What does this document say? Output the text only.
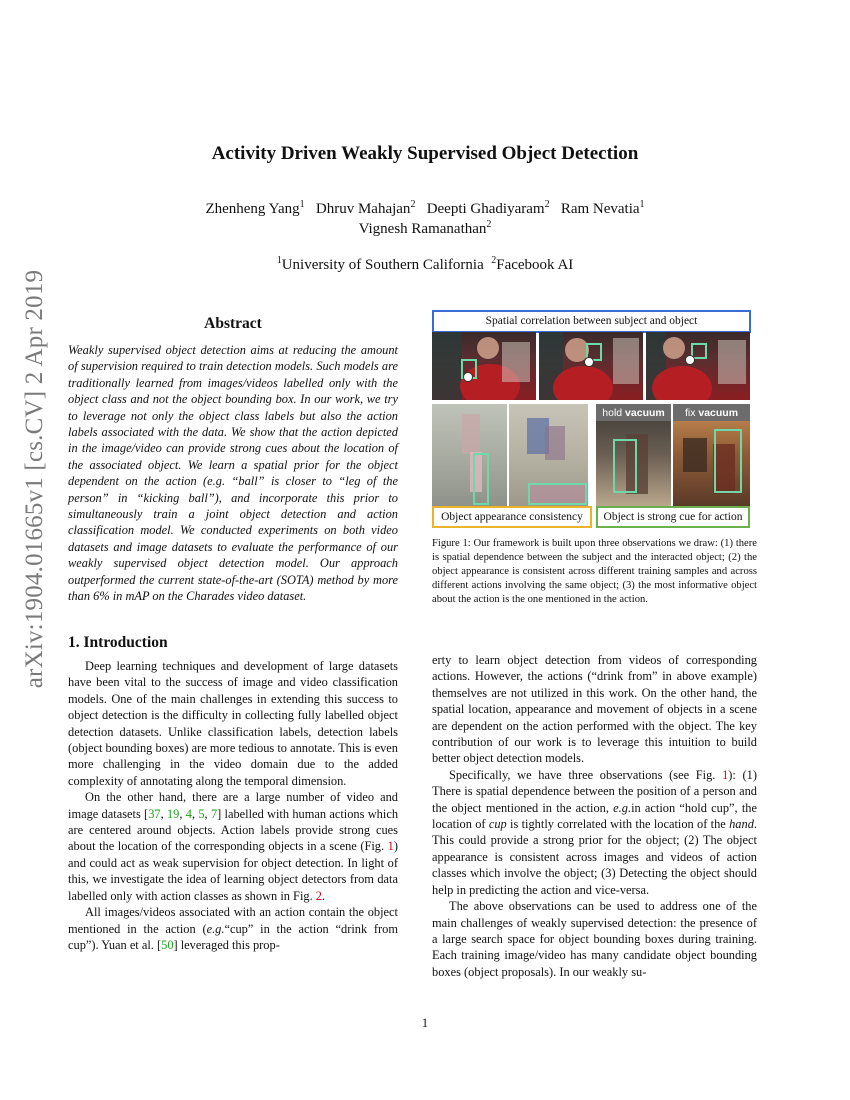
arXiv:1904.01665v1 [cs.CV] 2 Apr 2019
Activity Driven Weakly Supervised Object Detection
Zhenheng Yang$^1$ Dhruv Mahajan$^2$ Deepti Ghadiyaram$^2$ Ram Nevatia$^1$
Vignesh Ramanathan$^2$
$^1$University of Southern California $^2$Facebook AI
Abstract

Weakly supervised object detection aims at reducing the amount of supervision required to train detection models. Such models are traditionally learned from images/videos labelled only with the object class and not the object bounding box. In our work, we try to leverage not only the object class labels but also the action labels associated with the data. We show that the action depicted in the image/video can provide strong cues about the location of the associated object. We learn a spatial prior for the object dependent on the action (e.g. “ball” is closer to “leg of the person” in “kicking ball”), and incorporate this prior to simultaneously train a joint object detection and action classification model. We conducted experiments on both video datasets and image datasets to evaluate the performance of our weakly supervised object detection model. Our approach outperformed the current state-of-the-art (SOTA) method by more than 6% in mAP on the Charades video dataset.

1. Introduction

Deep learning techniques and development of large datasets have been vital to the success of image and video classification models. One of the main challenges in extending this success to object detection is the difficulty in collecting fully labelled object detection datasets. Unlike classification labels, detection labels (object bounding boxes) are more tedious to annotate. This is even more challenging in the video domain due to the added complexity of annotating along the temporal dimension.

On the other hand, there are a large number of video and image datasets [37, 19, 4, 5, 7] labelled with human actions which are centered around objects. Action labels provide strong cues about the location of the corresponding objects in a scene (Fig. 1) and could act as weak supervision for object detection. In light of this, we investigate the idea of learning object detectors from data labelled only with action classes as shown in Fig. 2.

All images/videos associated with an action contain the object mentioned in the action (e.g.“cup” in the action “drink from cup”). Yuan et al. [50] leveraged this prop-

erty to learn object detection from videos of corresponding actions. However, the actions (“drink from” in above example) themselves are not utilized in this work. On the other hand, the spatial location, appearance and movement of objects in a scene are dependent on the action performed with the object. The key contribution of our work is to leverage this intuition to build better object detection models.

Specifically, we have three observations (see Fig. 1): (1) There is spatial dependence between the position of a person and the object mentioned in the action, e.g.in action “hold cup”, the location of cup is tightly correlated with the location of the hand. This could provide a strong prior for the object; (2) The object appearance is consistent across images and videos of action classes which involve the object; (3) Detecting the object should help in predicting the action and vice-versa.

The above observations can be used to address one of the main challenges of weakly supervised detection: the presence of a large search space for object bounding boxes during training. Each training image/video has many candidate object bounding boxes (object proposals). In our weakly su-

Spatial correlation between subject and object
Object appearance consistency
hold vacuum	fix vacuum
Object is strong cue for action

Figure 1: Our framework is built upon three observations we draw: (1) there is spatial dependence between the subject and the interacted object; (2) the object appearance is consistent across different training samples and across different actions involving the same object; (3) the most informative object about the action is the one mentioned in the action.

1
